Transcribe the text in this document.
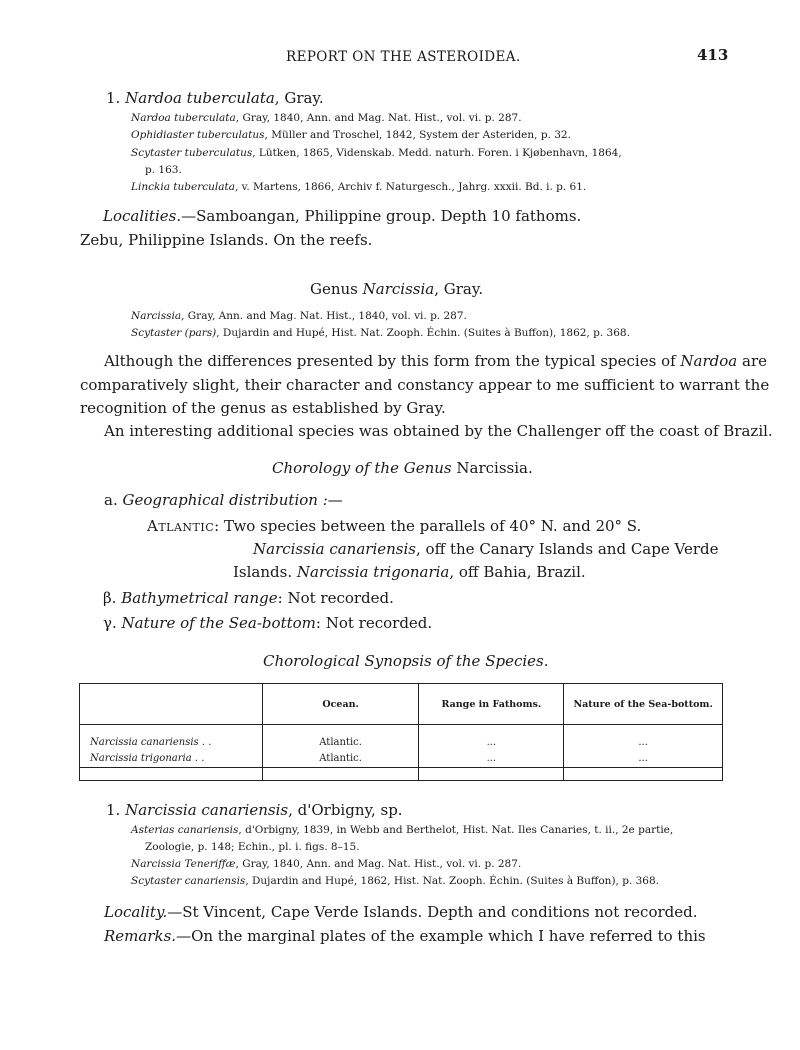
REPORT ON THE ASTEROIDEA.	413
1. Nardoa tuberculata, Gray.
Nardoa tuberculata, Gray, 1840, Ann. and Mag. Nat. Hist., vol. vi. p. 287.
Ophidiaster tuberculatus, Müller and Troschel, 1842, System der Asteriden, p. 32.
Scytaster tuberculatus, Lütken, 1865, Videnskab. Medd. naturh. Foren. i Kjøbenhavn, 1864,
p. 163.
Linckia tuberculata, v. Martens, 1866, Archiv f. Naturgesch., Jahrg. xxxii. Bd. i. p. 61.
Localities.—Samboangan, Philippine group. Depth 10 fathoms.
Zebu, Philippine Islands. On the reefs.
Genus Narcissia, Gray.
Narcissia, Gray, Ann. and Mag. Nat. Hist., 1840, vol. vi. p. 287.
Scytaster (pars), Dujardin and Hupé, Hist. Nat. Zooph. Échin. (Suites à Buffon), 1862, p. 368.
Although the differences presented by this form from the typical species of Nardoa are
comparatively slight, their character and constancy appear to me sufficient to warrant the
recognition of the genus as established by Gray.
An interesting additional species was obtained by the Challenger off the coast of Brazil.
Chorology of the Genus Narcissia.
a. Geographical distribution :—
Atlantic: Two species between the parallels of 40° N. and 20° S.
Narcissia canariensis, off the Canary Islands and Cape Verde
Islands. Narcissia trigonaria, off Bahia, Brazil.
β. Bathymetrical range: Not recorded.
γ. Nature of the Sea-bottom: Not recorded.
Chorological Synopsis of the Species.
	Ocean.	Range in Fathoms.	Nature of the Sea-bottom.

Narcissia canariensis . .	Atlantic.	...	...
Narcissia trigonaria . .	Atlantic.	...	...

1. Narcissia canariensis, d'Orbigny, sp.
Asterias canariensis, d'Orbigny, 1839, in Webb and Berthelot, Hist. Nat. Iles Canaries, t. ii., 2e partie,
Zoologie, p. 148; Echin., pl. i. figs. 8–15.
Narcissia Teneriffæ, Gray, 1840, Ann. and Mag. Nat. Hist., vol. vi. p. 287.
Scytaster canariensis, Dujardin and Hupé, 1862, Hist. Nat. Zooph. Échin. (Suites à Buffon), p. 368.
Locality.—St Vincent, Cape Verde Islands. Depth and conditions not recorded.
Remarks.—On the marginal plates of the example which I have referred to this
